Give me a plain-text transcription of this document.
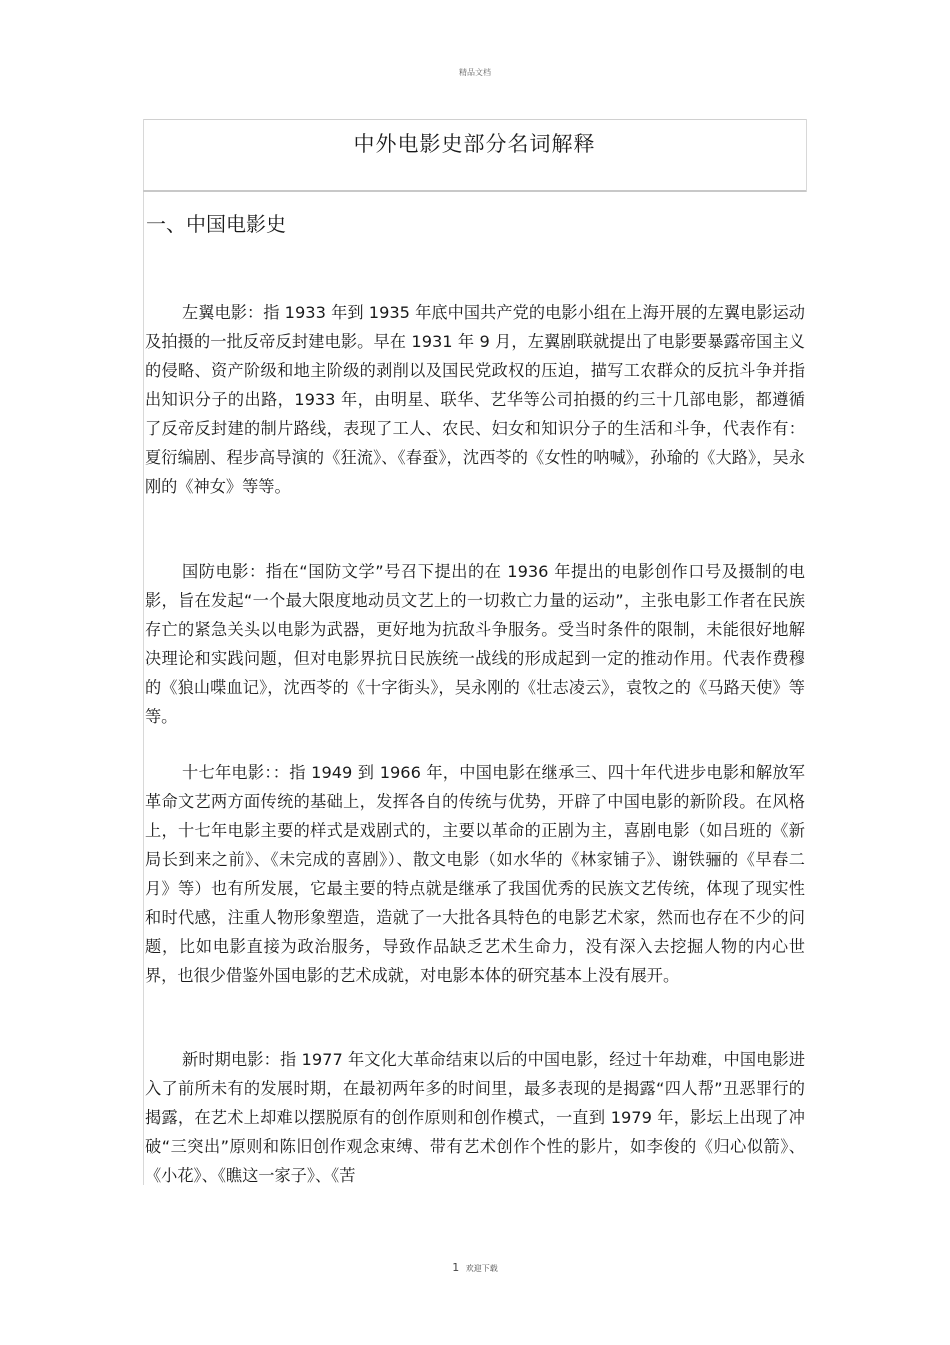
精品文档
中外电影史部分名词解释
一、中国电影史

左翼电影：指 1933 年到 1935 年底中国共产党的电影小组在上海开展的左翼电影运动及拍摄的一批反帝反封建电影。早在 1931 年 9 月，左翼剧联就提出了电影要暴露帝国主义的侵略、资产阶级和地主阶级的剥削以及国民党政权的压迫，描写工农群众的反抗斗争并指出知识分子的出路，1933 年，由明星、联华、艺华等公司拍摄的约三十几部电影，都遵循了反帝反封建的制片路线，表现了工人、农民、妇女和知识分子的生活和斗争，代表作有：夏衍编剧、程步高导演的《狂流》、《春蚕》，沈西苓的《女性的呐喊》，孙瑜的《大路》，吴永刚的《神女》等等。

国防电影：指在“国防文学”号召下提出的在 1936 年提出的电影创作口号及摄制的电影，旨在发起“一个最大限度地动员文艺上的一切救亡力量的运动”，主张电影工作者在民族存亡的紧急关头以电影为武器，更好地为抗敌斗争服务。受当时条件的限制，未能很好地解决理论和实践问题，但对电影界抗日民族统一战线的形成起到一定的推动作用。代表作费穆的《狼山喋血记》，沈西苓的《十字街头》，吴永刚的《壮志凌云》，袁牧之的《马路天使》等等。

十七年电影：：指 1949 到 1966 年，中国电影在继承三、四十年代进步电影和解放军革命文艺两方面传统的基础上，发挥各自的传统与优势，开辟了中国电影的新阶段。在风格上，十七年电影主要的样式是戏剧式的，主要以革命的正剧为主，喜剧电影（如吕班的《新局长到来之前》、《未完成的喜剧》）、散文电影（如水华的《林家铺子》、谢铁骊的《早春二月》等）也有所发展，它最主要的特点就是继承了我国优秀的民族文艺传统，体现了现实性和时代感，注重人物形象塑造，造就了一大批各具特色的电影艺术家，然而也存在不少的问题，比如电影直接为政治服务，导致作品缺乏艺术生命力，没有深入去挖掘人物的内心世界，也很少借鉴外国电影的艺术成就，对电影本体的研究基本上没有展开。

新时期电影：指 1977 年文化大革命结束以后的中国电影，经过十年劫难，中国电影进入了前所未有的发展时期，在最初两年多的时间里，最多表现的是揭露“四人帮”丑恶罪行的揭露，在艺术上却难以摆脱原有的创作原则和创作模式，一直到 1979 年，影坛上出现了冲破“三突出”原则和陈旧创作观念束缚、带有艺术创作个性的影片，如李俊的《归心似箭》、《小花》、《瞧这一家子》、《苦

1 欢迎下载
